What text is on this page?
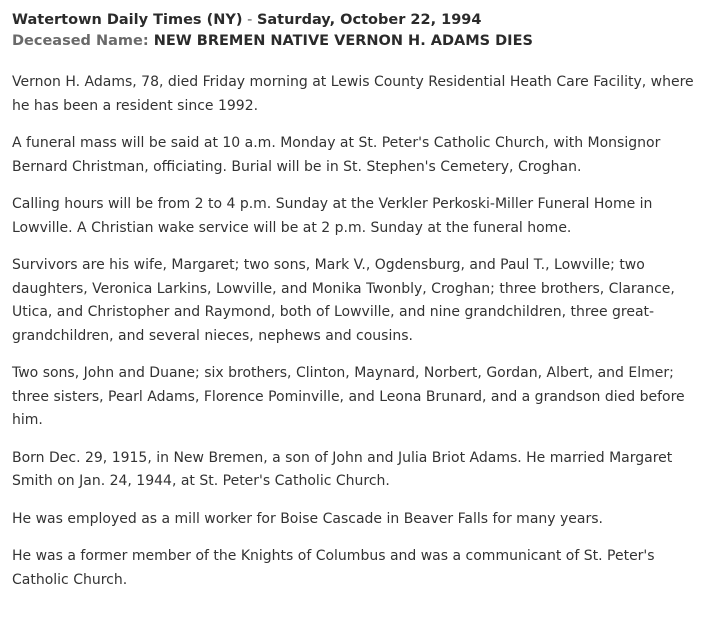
Watertown Daily Times (NY) - Saturday, October 22, 1994

Deceased Name: NEW BREMEN NATIVE VERNON H. ADAMS DIES

Vernon H. Adams, 78, died Friday morning at Lewis County Residential Heath Care Facility, where he has been a resident since 1992.

A funeral mass will be said at 10 a.m. Monday at St. Peter's Catholic Church, with Monsignor Bernard Christman, officiating. Burial will be in St. Stephen's Cemetery, Croghan.

Calling hours will be from 2 to 4 p.m. Sunday at the Verkler Perkoski-Miller Funeral Home in Lowville. A Christian wake service will be at 2 p.m. Sunday at the funeral home.

Survivors are his wife, Margaret; two sons, Mark V., Ogdensburg, and Paul T., Lowville; two daughters, Veronica Larkins, Lowville, and Monika Twonbly, Croghan; three brothers, Clarance, Utica, and Christopher and Raymond, both of Lowville, and nine grandchildren, three great-grandchildren, and several nieces, nephews and cousins.

Two sons, John and Duane; six brothers, Clinton, Maynard, Norbert, Gordan, Albert, and Elmer; three sisters, Pearl Adams, Florence Pominville, and Leona Brunard, and a grandson died before him.

Born Dec. 29, 1915, in New Bremen, a son of John and Julia Briot Adams. He married Margaret Smith on Jan. 24, 1944, at St. Peter's Catholic Church.

He was employed as a mill worker for Boise Cascade in Beaver Falls for many years.

He was a former member of the Knights of Columbus and was a communicant of St. Peter's Catholic Church.
